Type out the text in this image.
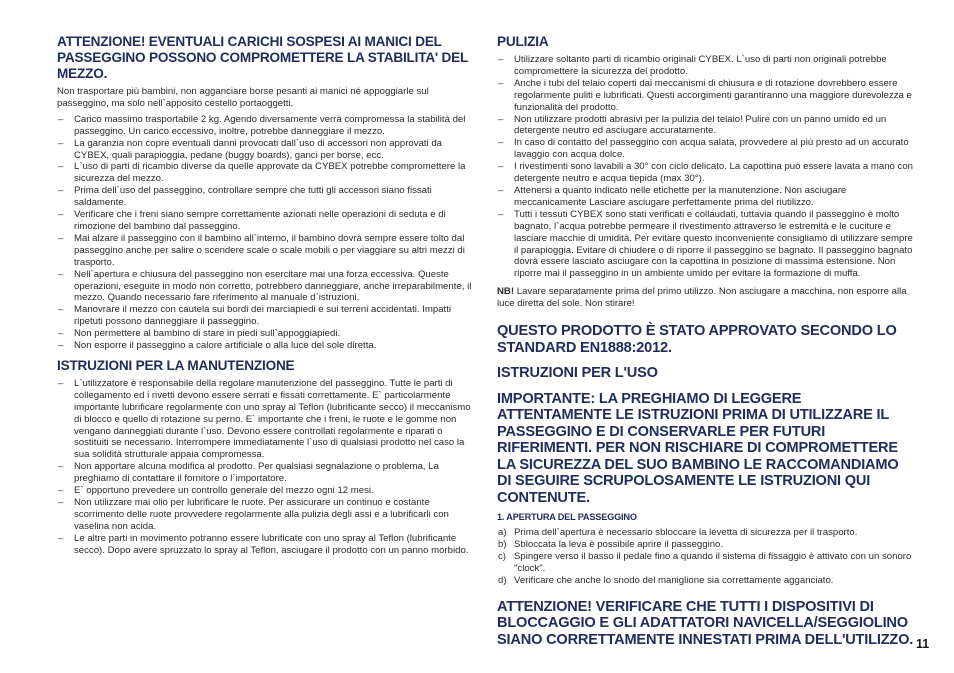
ATTENZIONE! EVENTUALI CARICHI SOSPESI AI MANICI DEL PASSEGGINO POSSONO COMPROMETTERE LA STABILITA' DEL MEZZO.

Non trasportare più bambini, non agganciare borse pesanti ai manici né appoggiarle sul passeggino, ma solo nell`apposito cestello portaoggetti.

– Carico massimo trasportabile 2 kg. Agendo diversamente verrà compromessa la stabilità del passeggino. Un carico eccessivo, inoltre, potrebbe danneggiare il mezzo.
– La garanzia non copre eventuali danni provocati dall`uso di accessori non approvati da CYBEX, quali parapioggia, pedane (buggy boards), ganci per borse, ecc.
– L`uso di parti di ricambio diverse da quelle approvate da CYBEX potrebbe compromettere la sicurezza del mezzo.
– Prima dell`uso del passeggino, controllare sempre che tutti gli accessori siano fissati saldamente.
– Verificare che i freni siano sempre correttamente azionati nelle operazioni di seduta e di rimozione del bambino dal passeggino.
– Mai alzare il passeggino con il bambino all`interno, il bambino dovrà sempre essere tolto dal passeggino anche per salire o scendere scale o scale mobili o per viaggiare su altri mezzi di trasporto.
– Nell`apertura e chiusura del passeggino non esercitare mai una forza eccessiva. Queste operazioni, eseguite in modo non corretto, potrebbero danneggiare, anche irreparabilmente, il mezzo. Quando necessario fare riferimento al manuale d`istruzioni.
– Manovrare il mezzo con cautela sui bordi dei marciapiedi e sui terreni accidentati. Impatti ripetuti possono danneggiare il passeggino.
– Non permettere al bambino di stare in piedi sull`appoggiapiedi.
– Non esporre il passeggino a calore artificiale o alla luce del sole diretta.
ISTRUZIONI PER LA MANUTENZIONE
– L`utilizzatore è responsabile della regolare manutenzione del passeggino. Tutte le parti di collegamento ed i rivetti devono essere serrati e fissati correttamente. E` particolarmente importante lubrificare regolarmente con uno spray al Teflon (lubrificante secco) il meccanismo di blocco e quello di rotazione su perno. E` importante che i freni, le ruote e le gomme non vengano danneggiati durante l`uso. Devono essere controllati regolarmente e riparati o sostituiti se necessario. Interrompere immediatamente l`uso di qualsiasi prodotto nel caso la sua solidità strutturale appaia compromessa.
– Non apportare alcuna modifica al prodotto. Per qualsiasi segnalazione o problema, La preghiamo di contattare il fornitore o l`importatore.
– E` opportuno prevedere un controllo generale del mezzo ogni 12 mesi.
– Non utilizzare mai olio per lubrificare le ruote. Per assicurare un continuo e costante scorrimento delle ruote provvedere regolarmente alla pulizia degli assi e a lubrificarli con vaselina non acida.
– Le altre parti in movimento potranno essere lubrificate con uno spray al Teflon (lubrificante secco). Dopo avere spruzzato lo spray al Teflon, asciugare il prodotto con un panno morbido.
PULIZIA
– Utilizzare soltanto parti di ricambio originali CYBEX. L`uso di parti non originali potrebbe compromettere la sicurezza del prodotto.
– Anche i tubi del telaio coperti dai meccanismi di chiusura e di rotazione dovrebbero essere regolarmente puliti e lubrificati. Questi accorgimenti garantiranno una maggiore durevolezza e funzionalità del prodotto.
– Non utilizzare prodotti abrasivi per la pulizia del telaio! Pulire con un panno umido ed un detergente neutro ed asciugare accuratamente.
– In caso di contatto del passeggino con acqua salata, provvedere al più presto ad un accurato lavaggio con acqua dolce.
– I rivestimenti sono lavabili a 30° con ciclo delicato. La capottina può essere lavata a mano con detergente neutro e acqua tiepida (max 30°).
– Attenersi a quanto indicato nelle etichette per la manutenzione. Non asciugare meccanicamente Lasciare asciugare perfettamente prima del riutilizzo.
– Tutti i tessuti CYBEX sono stati verificati e collaudati, tuttavia quando il passeggino è molto bagnato, l`acqua potrebbe permeare il rivestimento attraverso le estremità e le cuciture e lasciare macchie di umidità. Per evitare questo inconveniente consigliamo di utilizzare sempre il parapioggia. Evitare di chiudere o di riporre il passeggino se bagnato. Il passeggino bagnato dovrà essere lasciato asciugare con la capottina in posizione di massima estensione. Non riporre mai il passeggino in un ambiente umido per evitare la formazione di muffa.

NB! Lavare separatamente prima del primo utilizzo. Non asciugare a macchina, non esporre alla luce diretta del sole. Non stirare!

QUESTO PRODOTTO È STATO APPROVATO SECONDO LO STANDARD EN1888:2012.
ISTRUZIONI PER L'USO
IMPORTANTE: LA PREGHIAMO DI LEGGERE ATTENTAMENTE LE ISTRUZIONI PRIMA DI UTILIZZARE IL PASSEGGINO E DI CONSERVARLE PER FUTURI RIFERIMENTI. PER NON RISCHIARE DI COMPROMETTERE LA SICUREZZA DEL SUO BAMBINO LE RACCOMANDIAMO DI SEGUIRE SCRUPOLOSAMENTE LE ISTRUZIONI QUI CONTENUTE.
1. APERTURA DEL PASSEGGINO
a) Prima dell`apertura è necessario sbloccare la levetta di sicurezza per il trasporto.
b) Sbloccata la leva è possibile aprire il passeggino.
c) Spingere verso il basso il pedale fino a quando il sistema di fissaggio è attivato con un sonoro "clock".
d) Verificare che anche lo snodo del maniglione sia correttamente agganciato.
ATTENZIONE! VERIFICARE CHE TUTTI I DISPOSITIVI DI BLOCCAGGIO E GLI ADATTATORI NAVICELLA/SEGGIOLINO SIANO CORRETTAMENTE INNESTATI PRIMA DELL'UTILIZZO. 11
